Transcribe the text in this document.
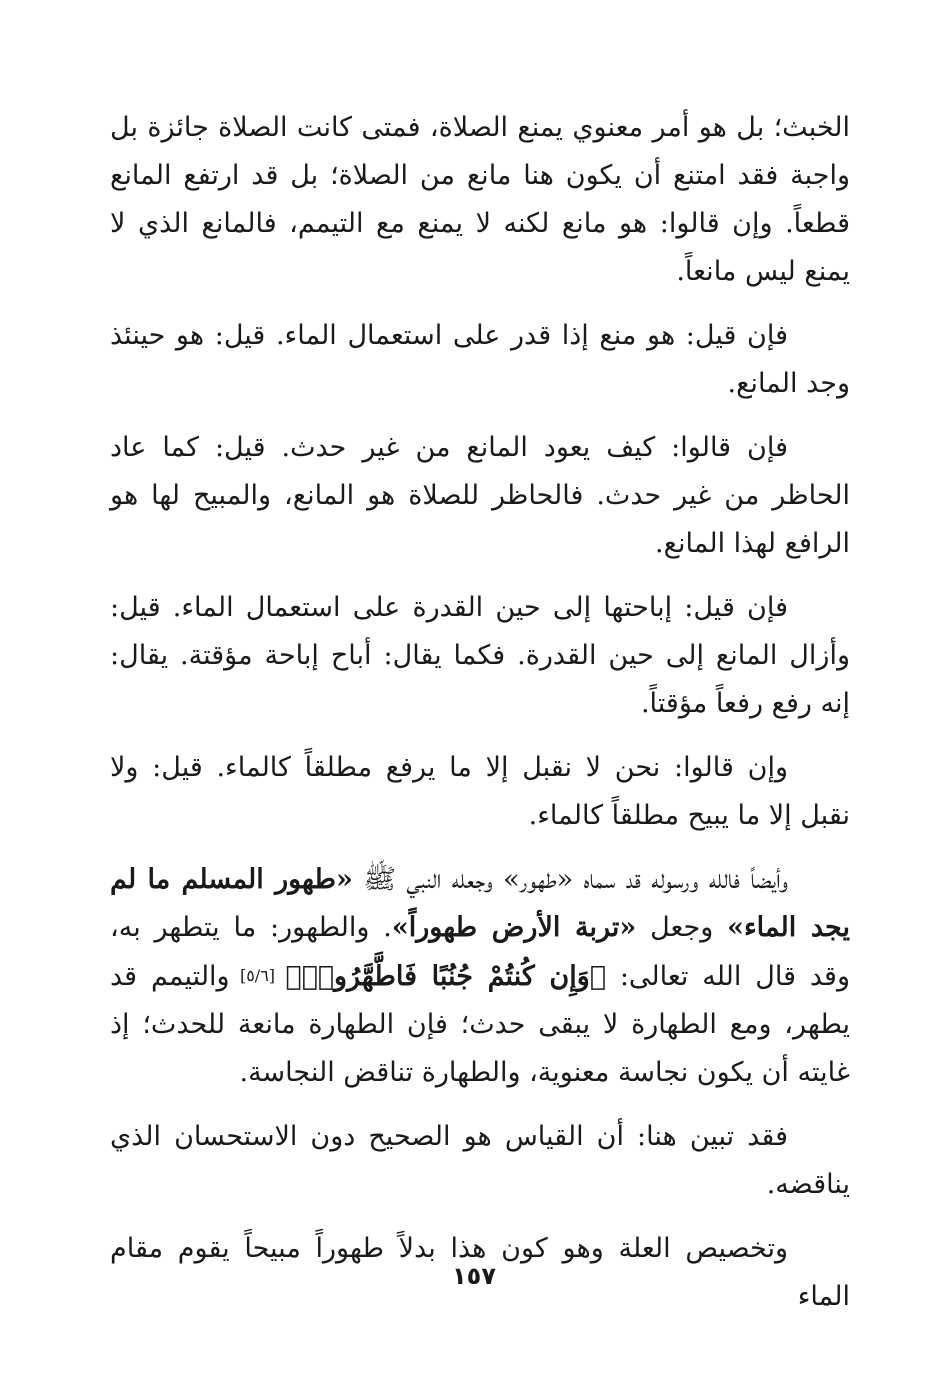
الخبث؛ بل هو أمر معنوي يمنع الصلاة، فمتى كانت الصلاة جائزة بل واجبة فقد امتنع أن يكون هنا مانع من الصلاة؛ بل قد ارتفع المانع قطعاً. وإن قالوا: هو مانع لكنه لا يمنع مع التيمم، فالمانع الذي لا يمنع ليس مانعاً.
فإن قيل: هو منع إذا قدر على استعمال الماء. قيل: هو حينئذ وجد المانع.
فإن قالوا: كيف يعود المانع من غير حدث. قيل: كما عاد الحاظر من غير حدث. فالحاظر للصلاة هو المانع، والمبيح لها هو الرافع لهذا المانع.
فإن قيل: إباحتها إلى حين القدرة على استعمال الماء. قيل: وأزال المانع إلى حين القدرة. فكما يقال: أباح إباحة مؤقتة. يقال: إنه رفع رفعاً مؤقتاً.
وإن قالوا: نحن لا نقبل إلا ما يرفع مطلقاً كالماء. قيل: ولا نقبل إلا ما يبيح مطلقاً كالماء.
وأيضاً فالله ورسوله قد سماه «طهور» وجعله النبي ﷺ «طهور المسلم ما لم يجد الماء» وجعل «تربة الأرض طهوراً». والطهور: ما يتطهر به، وقد قال الله تعالى: ﴿وَإِن كُنتُمْ جُنُبًا فَاطَّهَّرُوا۟﴾ [٥/٦] والتيمم قد يطهر، ومع الطهارة لا يبقى حدث؛ فإن الطهارة مانعة للحدث؛ إذ غايته أن يكون نجاسة معنوية، والطهارة تناقض النجاسة.
فقد تبين هنا: أن القياس هو الصحيح دون الاستحسان الذي يناقضه.
وتخصيص العلة وهو كون هذا بدلاً طهوراً مبيحاً يقوم مقام الماء
١٥٧
